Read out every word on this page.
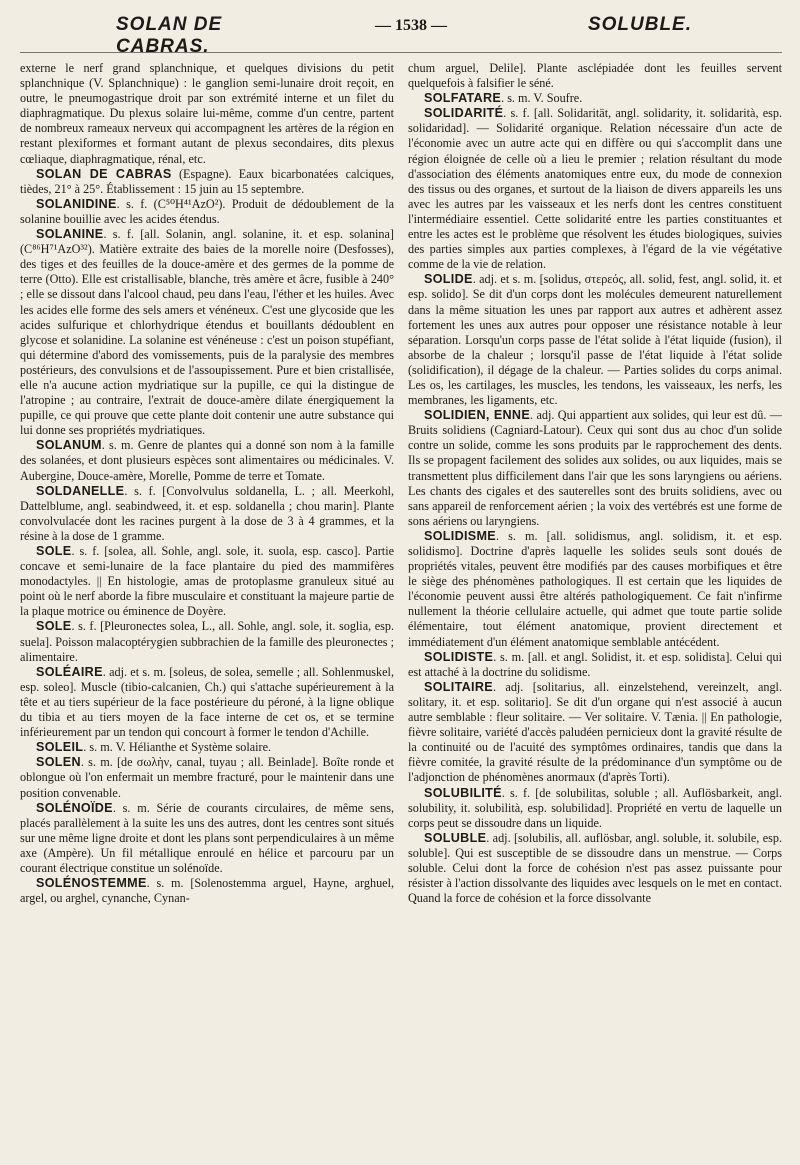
SOLAN DE CABRAS.
— 1538 —	SOLUBLE.

externe le nerf grand splanchnique, et quelques divisions du petit splanchnique (V. Splanchnique) : le ganglion semi-lunaire droit reçoit, en outre, le pneumogastrique droit par son extrémité interne et un filet du diaphragmatique. Du plexus solaire lui-même, comme d'un centre, partent de nombreux rameaux nerveux qui accompagnent les artères de la région en restant plexiformes et formant autant de plexus secondaires, dits plexus cœliaque, diaphragmatique, rénal, etc.

SOLAN DE CABRAS (Espagne). Eaux bicarbonatées calciques, tièdes, 21° à 25°. Établissement : 15 juin au 15 septembre.

SOLANIDINE. s. f. (C⁵⁰H⁴¹AzO²). Produit de dédoublement de la solanine bouillie avec les acides étendus.

SOLANINE. s. f. [all. Solanin, angl. solanine, it. et esp. solanina] (C⁸⁶H⁷¹AzO³²). Matière extraite des baies de la morelle noire (Desfosses), des tiges et des feuilles de la douce-amère et des germes de la pomme de terre (Otto). Elle est cristallisable, blanche, très amère et âcre, fusible à 240° ; elle se dissout dans l'alcool chaud, peu dans l'eau, l'éther et les huiles. Avec les acides elle forme des sels amers et vénéneux. C'est une glycoside que les acides sulfurique et chlorhydrique étendus et bouillants dédoublent en glycose et solanidine. La solanine est vénéneuse : c'est un poison stupéfiant, qui détermine d'abord des vomissements, puis de la paralysie des membres postérieurs, des convulsions et de l'assoupissement. Pure et bien cristallisée, elle n'a aucune action mydriatique sur la pupille, ce qui la distingue de l'atropine ; au contraire, l'extrait de douce-amère dilate énergiquement la pupille, ce qui prouve que cette plante doit contenir une autre substance qui lui donne ses propriétés mydriatiques.

SOLANUM. s. m. Genre de plantes qui a donné son nom à la famille des solanées, et dont plusieurs espèces sont alimentaires ou médicinales. V. Aubergine, Douce-amère, Morelle, Pomme de terre et Tomate.

SOLDANELLE. s. f. [Convolvulus soldanella, L. ; all. Meerkohl, Dattelblume, angl. seabindweed, it. et esp. soldanella ; chou marin]. Plante convolvulacée dont les racines purgent à la dose de 3 à 4 grammes, et la résine à la dose de 1 gramme.

SOLE. s. f. [solea, all. Sohle, angl. sole, it. suola, esp. casco]. Partie concave et semi-lunaire de la face plantaire du pied des mammifères monodactyles. || En histologie, amas de protoplasme granuleux situé au point où le nerf aborde la fibre musculaire et constituant la majeure partie de la plaque motrice ou éminence de Doyère.

SOLE. s. f. [Pleuronectes solea, L., all. Sohle, angl. sole, it. soglia, esp. suela]. Poisson malacoptérygien subbrachien de la famille des pleuronectes ; alimentaire.

SOLÉAIRE. adj. et s. m. [soleus, de solea, semelle ; all. Sohlenmuskel, esp. soleo]. Muscle (tibio-calcanien, Ch.) qui s'attache supérieurement à la tête et au tiers supérieur de la face postérieure du péroné, à la ligne oblique du tibia et au tiers moyen de la face interne de cet os, et se termine inférieurement par un tendon qui concourt à former le tendon d'Achille.

SOLEIL. s. m. V. Hélianthe et Système solaire.

SOLEN. s. m. [de σωλὴν, canal, tuyau ; all. Beinlade]. Boîte ronde et oblongue où l'on enfermait un membre fracturé, pour le maintenir dans une position convenable.

SOLÉNOÏDE. s. m. Série de courants circulaires, de même sens, placés parallèlement à la suite les uns des autres, dont les centres sont situés sur une même ligne droite et dont les plans sont perpendiculaires à un même axe (Ampère). Un fil métallique enroulé en hélice et parcouru par un courant électrique constitue un solénoïde.

SOLÉNOSTEMME. s. m. [Solenostemma arguel, Hayne, arghuel, argel, ou arghel, cynanche, Cynan-

chum arguel, Delile]. Plante asclépiadée dont les feuilles servent quelquefois à falsifier le séné.

SOLFATARE. s. m. V. Soufre.

SOLIDARITÉ. s. f. [all. Solidarität, angl. solidarity, it. solidarità, esp. solidaridad]. — Solidarité organique. Relation nécessaire d'un acte de l'économie avec un autre acte qui en diffère ou qui s'accomplit dans une région éloignée de celle où a lieu le premier ; relation résultant du mode d'association des éléments anatomiques entre eux, du mode de connexion des tissus ou des organes, et surtout de la liaison de divers appareils les uns avec les autres par les vaisseaux et les nerfs dont les centres constituent l'intermédiaire essentiel. Cette solidarité entre les parties constituantes et entre les actes est le problème que résolvent les études biologiques, suivies des parties simples aux parties complexes, à l'égard de la vie végétative comme de la vie de relation.

SOLIDE. adj. et s. m. [solidus, στερεός, all. solid, fest, angl. solid, it. et esp. solido]. Se dit d'un corps dont les molécules demeurent naturellement dans la même situation les unes par rapport aux autres et adhèrent assez fortement les unes aux autres pour opposer une résistance notable à leur séparation. Lorsqu'un corps passe de l'état solide à l'état liquide (fusion), il absorbe de la chaleur ; lorsqu'il passe de l'état liquide à l'état solide (solidification), il dégage de la chaleur. — Parties solides du corps animal. Les os, les cartilages, les muscles, les tendons, les vaisseaux, les nerfs, les membranes, les ligaments, etc.

SOLIDIEN, ENNE. adj. Qui appartient aux solides, qui leur est dû. — Bruits solidiens (Cagniard-Latour). Ceux qui sont dus au choc d'un solide contre un solide, comme les sons produits par le rapprochement des dents. Ils se propagent facilement des solides aux solides, ou aux liquides, mais se transmettent plus difficilement dans l'air que les sons laryngiens ou aériens. Les chants des cigales et des sauterelles sont des bruits solidiens, avec ou sans appareil de renforcement aérien ; la voix des vertébrés est une forme de sons aériens ou laryngiens.

SOLIDISME. s. m. [all. solidismus, angl. solidism, it. et esp. solidismo]. Doctrine d'après laquelle les solides seuls sont doués de propriétés vitales, peuvent être modifiés par des causes morbifiques et être le siège des phénomènes pathologiques. Il est certain que les liquides de l'économie peuvent aussi être altérés pathologiquement. Ce fait n'infirme nullement la théorie cellulaire actuelle, qui admet que toute partie solide élémentaire, tout élément anatomique, provient directement et immédiatement d'un élément anatomique semblable antécédent.

SOLIDISTE. s. m. [all. et angl. Solidist, it. et esp. solidista]. Celui qui est attaché à la doctrine du solidisme.

SOLITAIRE. adj. [solitarius, all. einzelstehend, vereinzelt, angl. solitary, it. et esp. solitario]. Se dit d'un organe qui n'est associé à aucun autre semblable : fleur solitaire. — Ver solitaire. V. Tænia. || En pathologie, fièvre solitaire, variété d'accès paludéen pernicieux dont la gravité résulte de la continuité ou de l'acuité des symptômes ordinaires, tandis que dans la fièvre comitée, la gravité résulte de la prédominance d'un symptôme ou de l'adjonction de phénomènes anormaux (d'après Torti).

SOLUBILITÉ. s. f. [de solubilitas, soluble ; all. Auflösbarkeit, angl. solubility, it. solubilità, esp. solubilidad]. Propriété en vertu de laquelle un corps peut se dissoudre dans un liquide.

SOLUBLE. adj. [solubilis, all. auflösbar, angl. soluble, it. solubile, esp. soluble]. Qui est susceptible de se dissoudre dans un menstrue. — Corps soluble. Celui dont la force de cohésion n'est pas assez puissante pour résister à l'action dissolvante des liquides avec lesquels on le met en contact. Quand la force de cohésion et la force dissolvante
